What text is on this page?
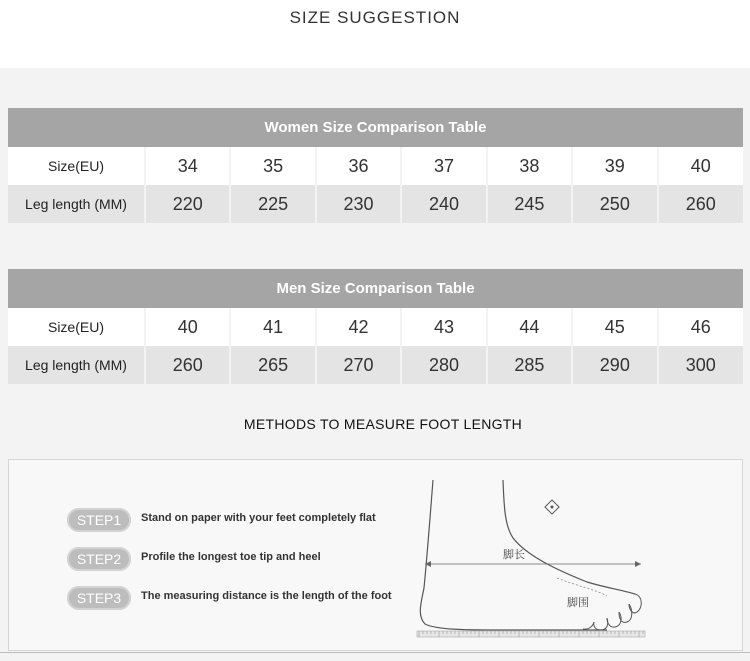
SIZE SUGGESTION
Women Size Comparison Table							
Size(EU)	34	35	36	37	38	39	40
Leg length (MM)	220	225	230	240	245	250	260
Men Size Comparison Table							
Size(EU)	40	41	42	43	44	45	46
Leg length (MM)	260	265	270	280	285	290	300
METHODS TO MEASURE FOOT LENGTH
STEP1	Stand on paper with your feet completely flat
STEP2	Profile the longest toe tip and heel
STEP3	The measuring distance is the length of the foot
脚长
脚围
